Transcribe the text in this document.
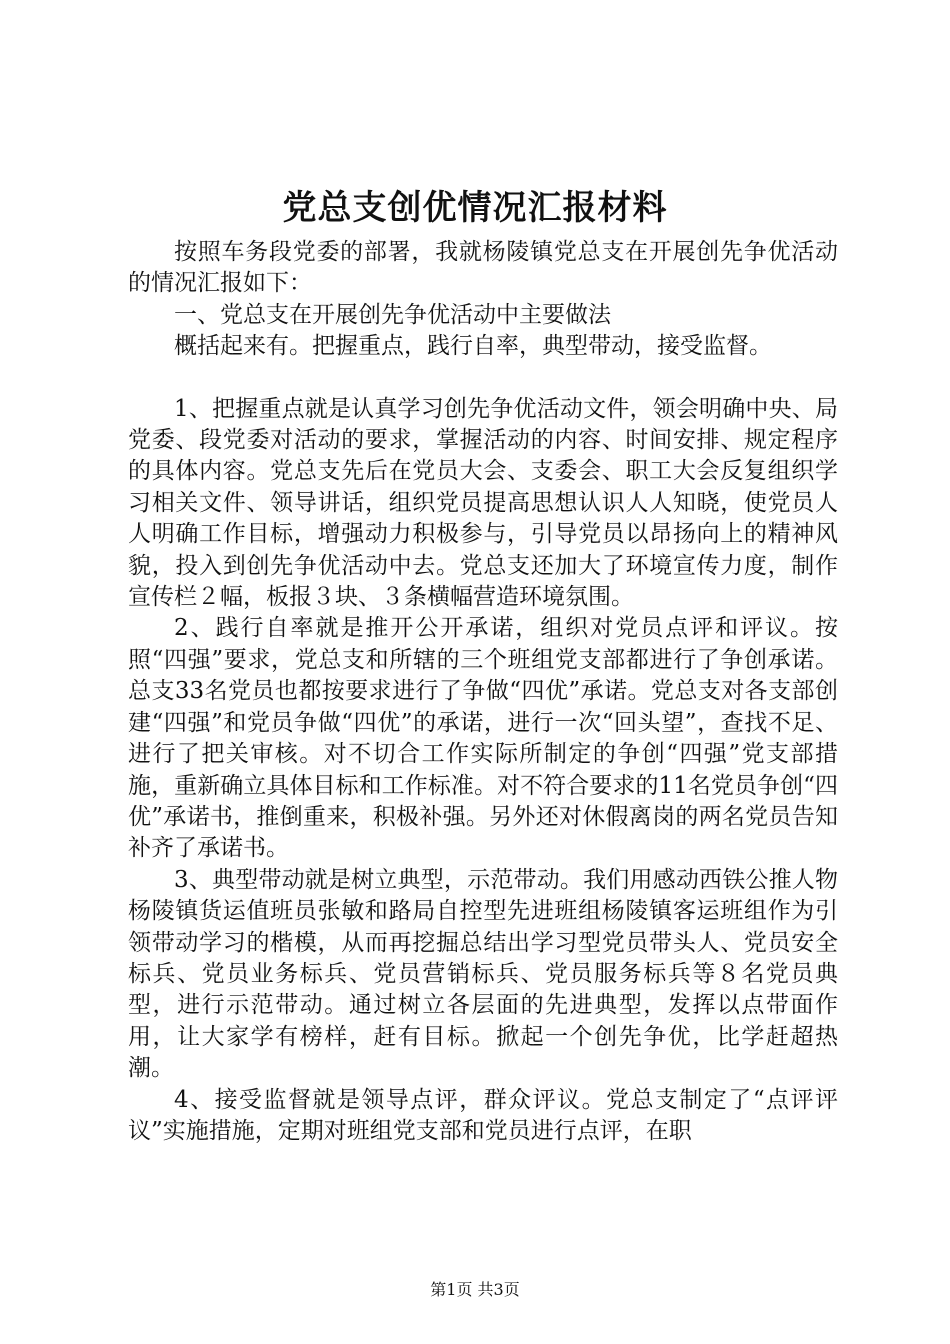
党总支创优情况汇报材料

按照车务段党委的部署，我就杨陵镇党总支在开展创先争优活动的情况汇报如下：

一、党总支在开展创先争优活动中主要做法

概括起来有。把握重点，践行自率，典型带动，接受监督。

1、把握重点就是认真学习创先争优活动文件，领会明确中央、局党委、段党委对活动的要求，掌握活动的内容、时间安排、规定程序的具体内容。党总支先后在党员大会、支委会、职工大会反复组织学习相关文件、领导讲话，组织党员提高思想认识人人知晓，使党员人人明确工作目标，增强动力积极参与，引导党员以昂扬向上的精神风貌，投入到创先争优活动中去。党总支还加大了环境宣传力度，制作宣传栏２幅，板报３块、３条横幅营造环境氛围。

2、践行自率就是推开公开承诺，组织对党员点评和评议。按照“四强”要求，党总支和所辖的三个班组党支部都进行了争创承诺。总支33名党员也都按要求进行了争做“四优”承诺。党总支对各支部创建“四强”和党员争做“四优”的承诺，进行一次“回头望”，查找不足、进行了把关审核。对不切合工作实际所制定的争创“四强”党支部措施，重新确立具体目标和工作标准。对不符合要求的11名党员争创“四优”承诺书，推倒重来，积极补强。另外还对休假离岗的两名党员告知补齐了承诺书。

3、典型带动就是树立典型，示范带动。我们用感动西铁公推人物杨陵镇货运值班员张敏和路局自控型先进班组杨陵镇客运班组作为引领带动学习的楷模，从而再挖掘总结出学习型党员带头人、党员安全标兵、党员业务标兵、党员营销标兵、党员服务标兵等８名党员典型，进行示范带动。通过树立各层面的先进典型，发挥以点带面作用，让大家学有榜样，赶有目标。掀起一个创先争优，比学赶超热潮。

4、接受监督就是领导点评，群众评议。党总支制定了“点评评议”实施措施，定期对班组党支部和党员进行点评，在职

第1页 共3页
